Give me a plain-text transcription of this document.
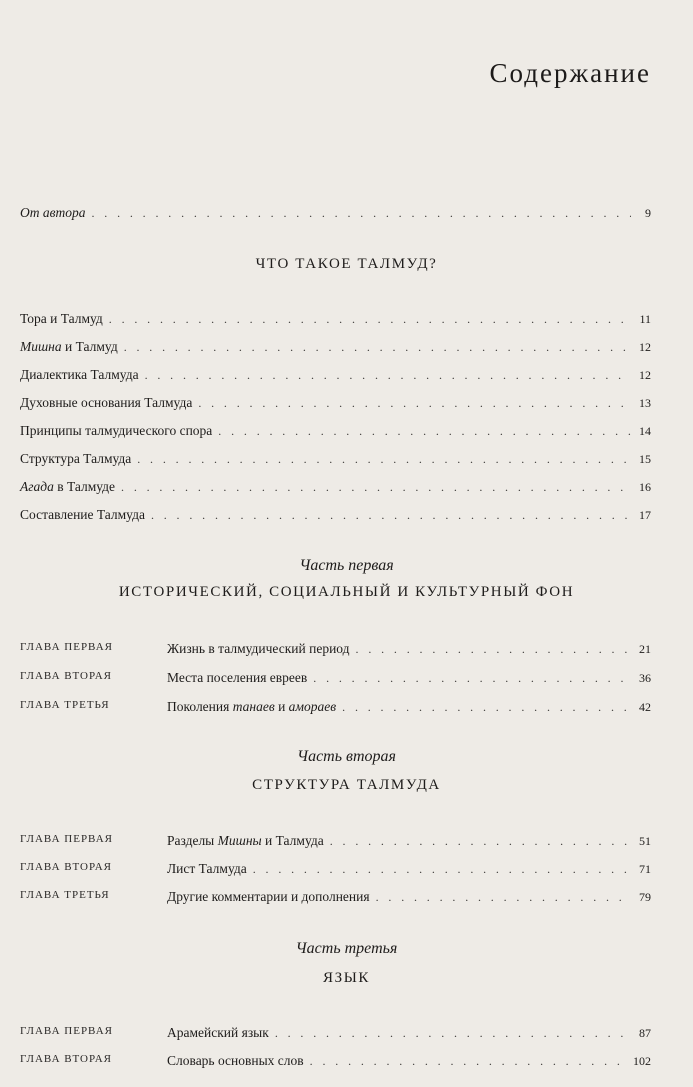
Содержание
От автора . . .	9
ЧТО ТАКОЕ ТАЛМУД?
Тора и Талмуд . . .	11
Мишна и Талмуд . . .	12
Диалектика Талмуда . . .	12
Духовные основания Талмуда . . .	13
Принципы талмудического спора . . .	14
Структура Талмуда . . .	15
Агада в Талмуде . . .	16
Составление Талмуда . . .	17
Часть первая
ИСТОРИЧЕСКИЙ, СОЦИАЛЬНЫЙ И КУЛЬТУРНЫЙ ФОН
ГЛАВА ПЕРВАЯ	Жизнь в талмудический период . . .	21
ГЛАВА ВТОРАЯ	Места поселения евреев . . .	36
ГЛАВА ТРЕТЬЯ	Поколения танаев и амораев . . .	42
Часть вторая
СТРУКТУРА ТАЛМУДА
ГЛАВА ПЕРВАЯ	Разделы Мишны и Талмуда . . .	51
ГЛАВА ВТОРАЯ	Лист Талмуда . . .	71
ГЛАВА ТРЕТЬЯ	Другие комментарии и дополнения . . .	79
Часть третья
ЯЗЫК
ГЛАВА ПЕРВАЯ	Арамейский язык . . .	87
ГЛАВА ВТОРАЯ	Словарь основных слов . . .	102
